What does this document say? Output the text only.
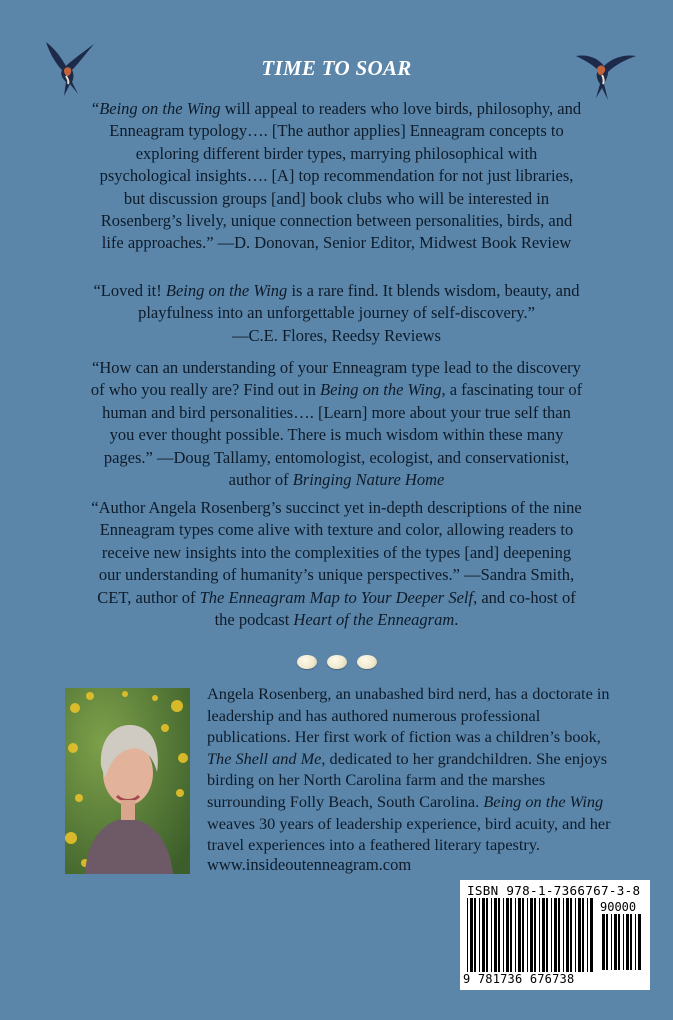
TIME TO SOAR
“Being on the Wing will appeal to readers who love birds, philosophy, and Enneagram typology…. [The author applies] Enneagram concepts to exploring different birder types, marrying philosophical with psychological insights…. [A] top recommendation for not just libraries, but discussion groups [and] book clubs who will be interested in Rosenberg’s lively, unique connection between personalities, birds, and life approaches.” —D. Donovan, Senior Editor, Midwest Book Review
“Loved it! Being on the Wing is a rare find. It blends wisdom, beauty, and playfulness into an unforgettable journey of self-discovery.”
—C.E. Flores, Reedsy Reviews
“How can an understanding of your Enneagram type lead to the discovery of who you really are? Find out in Being on the Wing, a fascinating tour of human and bird personalities…. [Learn] more about your true self than you ever thought possible. There is much wisdom within these many pages.” —Doug Tallamy, entomologist, ecologist, and conservationist, author of Bringing Nature Home
“Author Angela Rosenberg’s succinct yet in-depth descriptions of the nine Enneagram types come alive with texture and color, allowing readers to receive new insights into the complexities of the types [and] deepening our understanding of humanity’s unique perspectives.” —Sandra Smith, CET, author of The Enneagram Map to Your Deeper Self, and co-host of the podcast Heart of the Enneagram.
Angela Rosenberg, an unabashed bird nerd, has a doctorate in leadership and has authored numerous professional publications. Her first work of fiction was a children’s book, The Shell and Me, dedicated to her grandchildren. She enjoys birding on her North Carolina farm and the marshes surrounding Folly Beach, South Carolina. Being on the Wing weaves 30 years of leadership experience, bird acuity, and her travel experiences into a feathered literary tapestry.
www.insideoutenneagram.com
ISBN 978-1-7366767-3-8
90000
9 781736 676738
